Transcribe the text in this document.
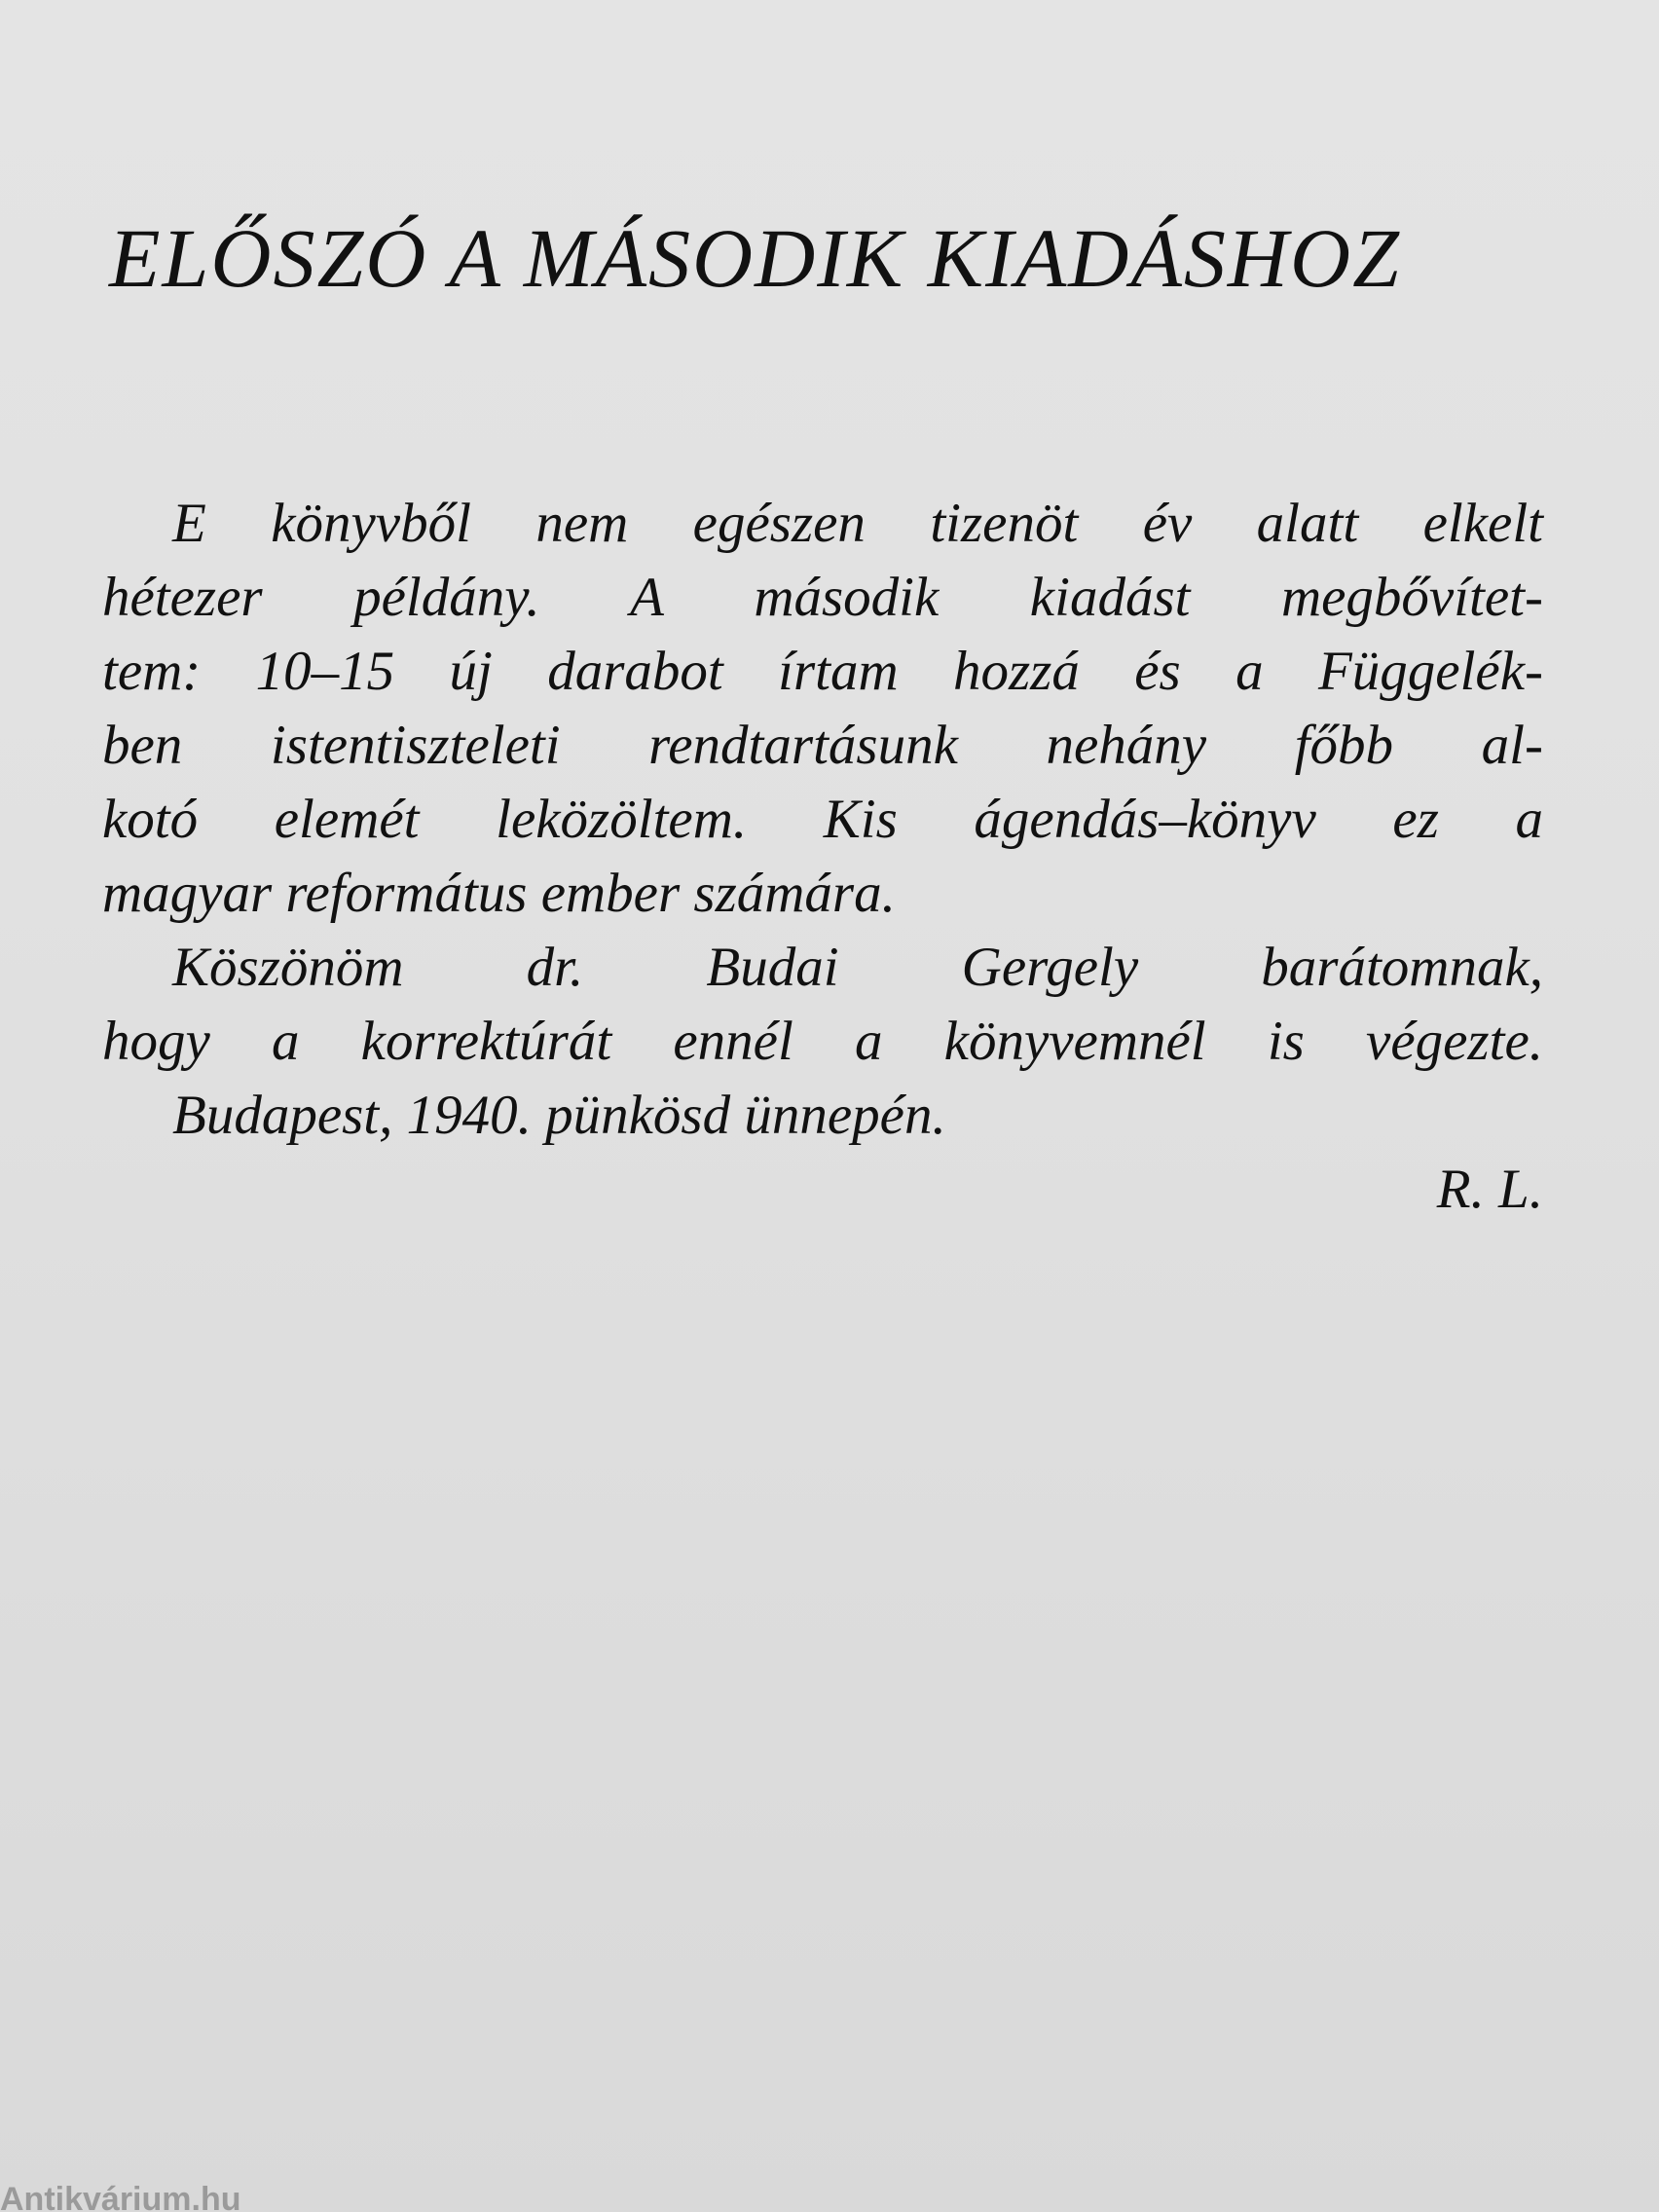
ELŐSZÓ A MÁSODIK KIADÁSHOZ
E könyvből nem egészen tizenöt év alatt elkelt
hétezer példány. A második kiadást megbővítet-
tem: 10–15 új darabot írtam hozzá és a Függelék-
ben istentiszteleti rendtartásunk nehány főbb al-
kotó elemét leközöltem. Kis ágendás–könyv ez a
magyar református ember számára.
Köszönöm dr. Budai Gergely barátomnak,
hogy a korrektúrát ennél a könyvemnél is végezte.
Budapest, 1940. pünkösd ünnepén.
R. L.
Antikvárium.hu
